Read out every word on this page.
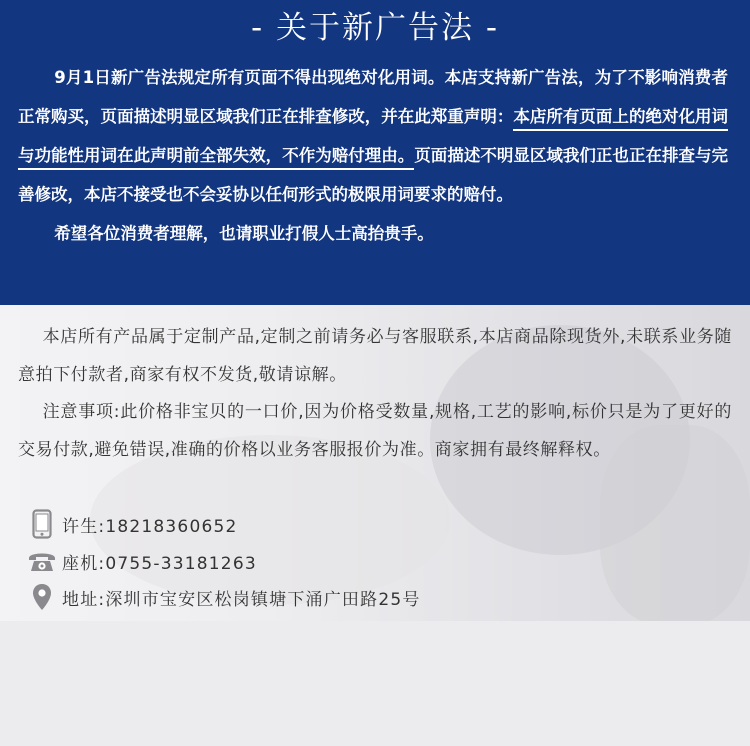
- 关于新广告法 -

9月1日新广告法规定所有页面不得出现绝对化用词。本店支持新广告法，为了不影响消费者正常购买，页面描述明显区域我们正在排查修改，并在此郑重声明：本店所有页面上的绝对化用词与功能性用词在此声明前全部失效，不作为赔付理由。页面描述不明显区域我们正也正在排查与完善修改，本店不接受也不会妥协以任何形式的极限用词要求的赔付。

希望各位消费者理解，也请职业打假人士高抬贵手。

本店所有产品属于定制产品,定制之前请务必与客服联系,本店商品除现货外,未联系业务随意拍下付款者,商家有权不发货,敬请谅解。

注意事项:此价格非宝贝的一口价,因为价格受数量,规格,工艺的影响,标价只是为了更好的交易付款,避免错误,准确的价格以业务客服报价为准。商家拥有最终解释权。

许生:18218360652
座机:0755-33181263
地址:深圳市宝安区松岗镇塘下涌广田路25号
